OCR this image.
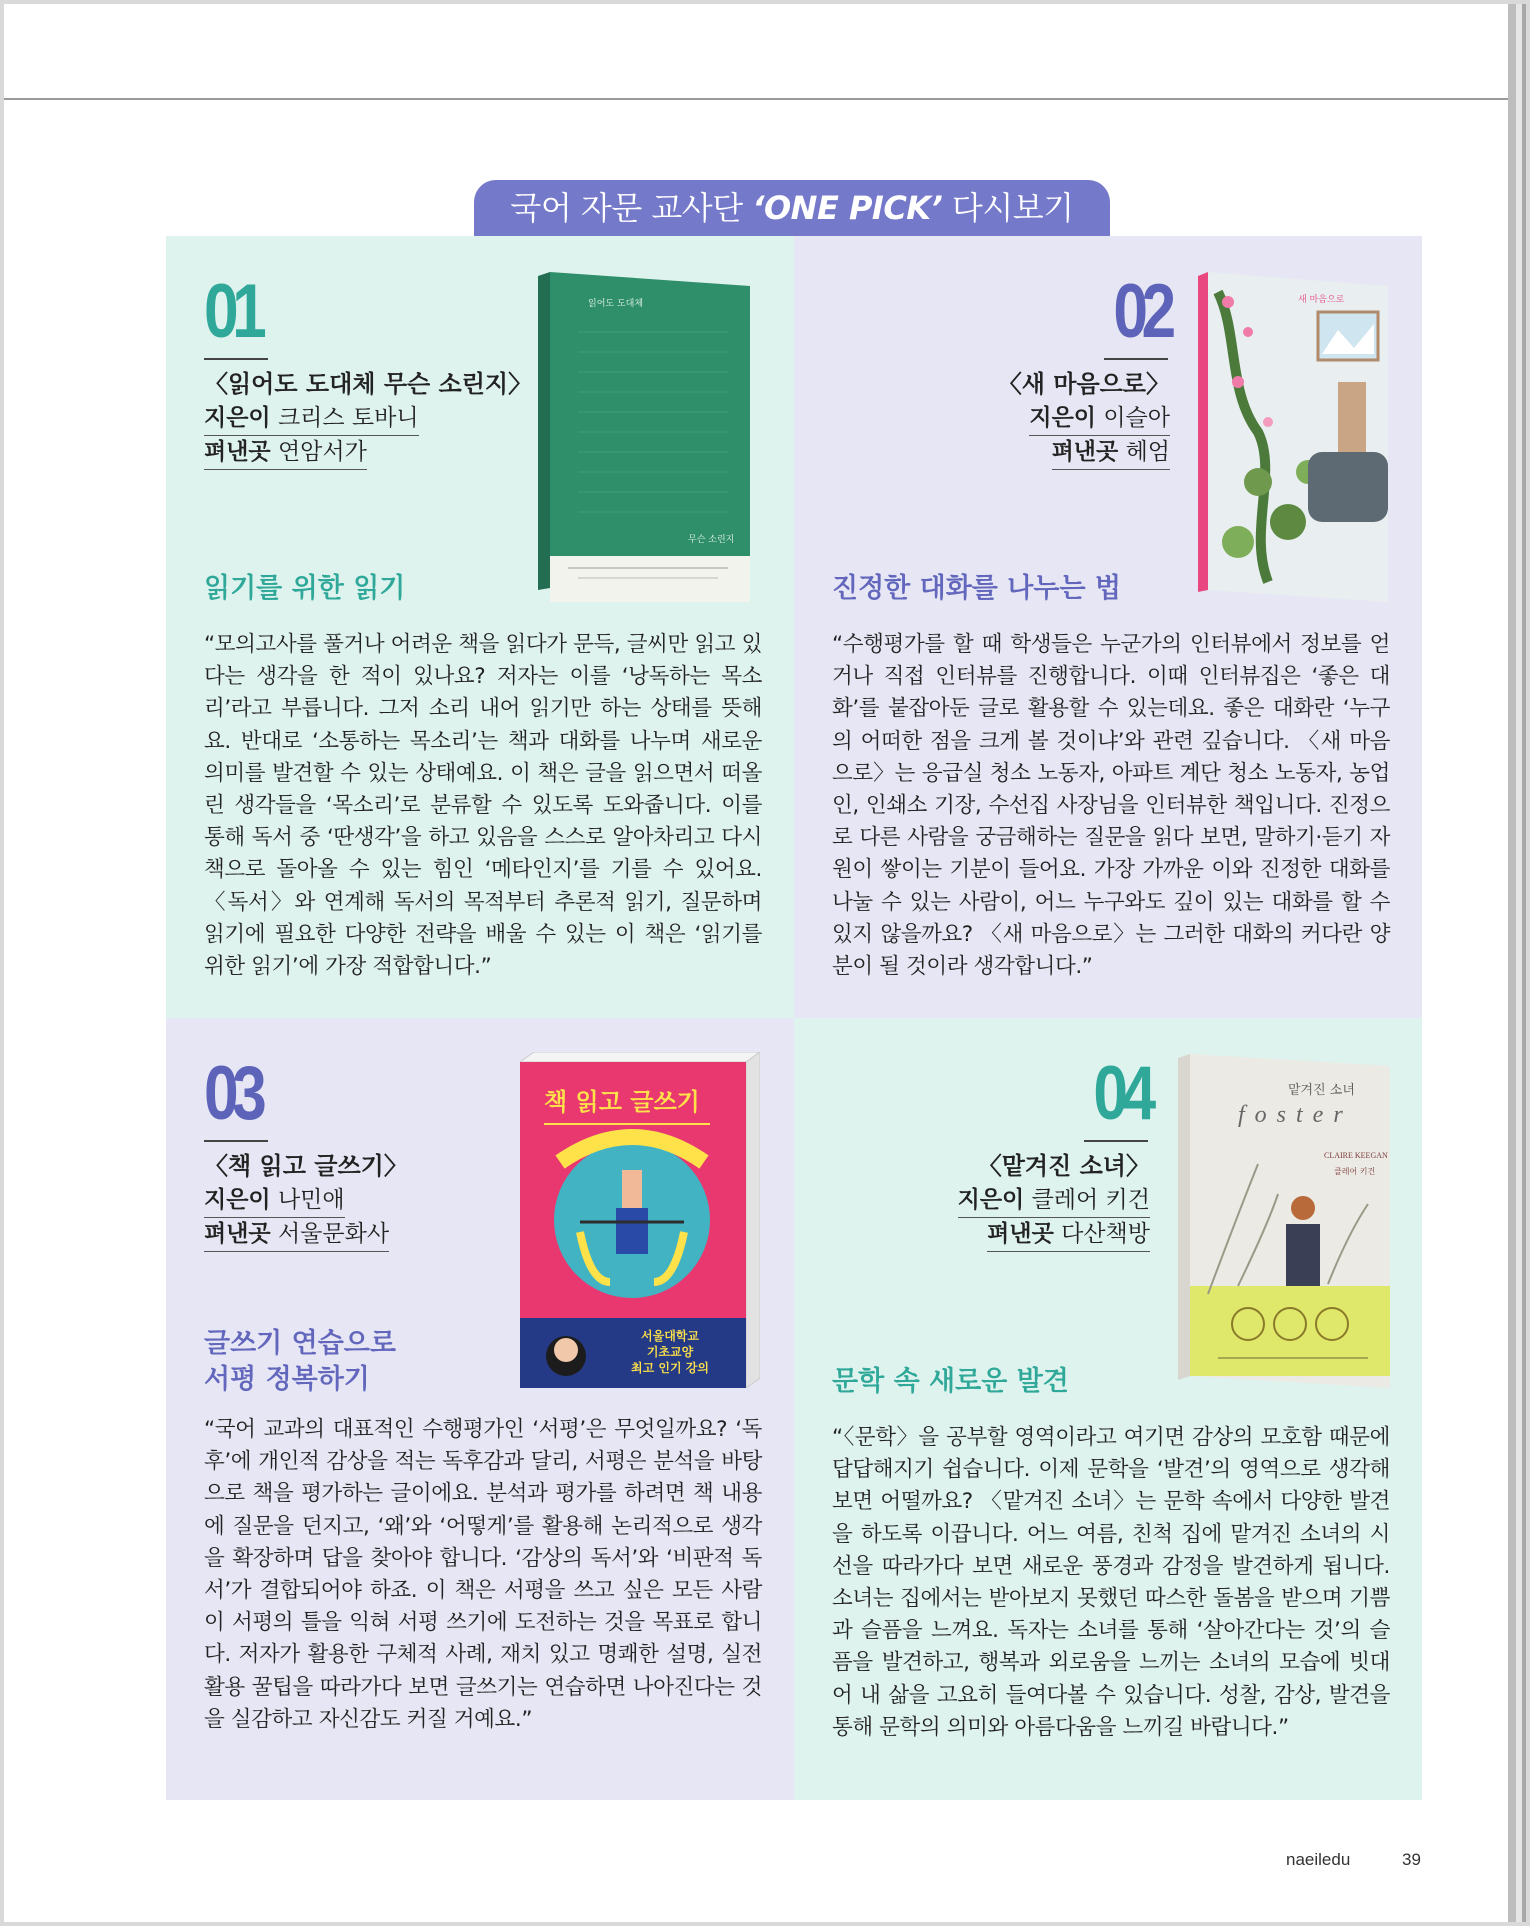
국어 자문 교사단 ‘ONE PICK’ 다시보기
01
〈읽어도 도대체 무슨 소린지〉
지은이 크리스 토바니
펴낸곳 연암서가
읽어도 도대체
무슨 소린지
읽기를 위한 읽기
“모의고사를 풀거나 어려운 책을 읽다가 문득, 글씨만 읽고 있다는 생각을 한 적이 있나요? 저자는 이를 ‘낭독하는 목소리’라고 부릅니다. 그저 소리 내어 읽기만 하는 상태를 뜻해요. 반대로 ‘소통하는 목소리’는 책과 대화를 나누며 새로운 의미를 발견할 수 있는 상태예요. 이 책은 글을 읽으면서 떠올린 생각들을 ‘목소리’로 분류할 수 있도록 도와줍니다. 이를 통해 독서 중 ‘딴생각’을 하고 있음을 스스로 알아차리고 다시 책으로 돌아올 수 있는 힘인 ‘메타인지’를 기를 수 있어요. 〈독서〉와 연계해 독서의 목적부터 추론적 읽기, 질문하며 읽기에 필요한 다양한 전략을 배울 수 있는 이 책은 ‘읽기를 위한 읽기’에 가장 적합합니다.”
02
〈새 마음으로〉
지은이 이슬아
펴낸곳 헤엄
새 마음으로
진정한 대화를 나누는 법
“수행평가를 할 때 학생들은 누군가의 인터뷰에서 정보를 얻거나 직접 인터뷰를 진행합니다. 이때 인터뷰집은 ‘좋은 대화’를 붙잡아둔 글로 활용할 수 있는데요. 좋은 대화란 ‘누구의 어떠한 점을 크게 볼 것이냐’와 관련 깊습니다. 〈새 마음으로〉는 응급실 청소 노동자, 아파트 계단 청소 노동자, 농업인, 인쇄소 기장, 수선집 사장님을 인터뷰한 책입니다. 진정으로 다른 사람을 궁금해하는 질문을 읽다 보면, 말하기·듣기 자원이 쌓이는 기분이 들어요. 가장 가까운 이와 진정한 대화를 나눌 수 있는 사람이, 어느 누구와도 깊이 있는 대화를 할 수 있지 않을까요? 〈새 마음으로〉는 그러한 대화의 커다란 양분이 될 것이라 생각합니다.”
03
〈책 읽고 글쓰기〉
지은이 나민애
펴낸곳 서울문화사
책 읽고 글쓰기
서울대학교
기초교양
최고 인기 강의
글쓰기 연습으로
서평 정복하기
“국어 교과의 대표적인 수행평가인 ‘서평’은 무엇일까요? ‘독후’에 개인적 감상을 적는 독후감과 달리, 서평은 분석을 바탕으로 책을 평가하는 글이에요. 분석과 평가를 하려면 책 내용에 질문을 던지고, ‘왜’와 ‘어떻게’를 활용해 논리적으로 생각을 확장하며 답을 찾아야 합니다. ‘감상의 독서’와 ‘비판적 독서’가 결합되어야 하죠. 이 책은 서평을 쓰고 싶은 모든 사람이 서평의 틀을 익혀 서평 쓰기에 도전하는 것을 목표로 합니다. 저자가 활용한 구체적 사례, 재치 있고 명쾌한 설명, 실전 활용 꿀팁을 따라가다 보면 글쓰기는 연습하면 나아진다는 것을 실감하고 자신감도 커질 거예요.”
04
〈맡겨진 소녀〉
지은이 클레어 키건
펴낸곳 다산책방
맡겨진 소녀
foster
CLAIRE KEEGAN
클레어 키건
문학 속 새로운 발견
“〈문학〉을 공부할 영역이라고 여기면 감상의 모호함 때문에 답답해지기 쉽습니다. 이제 문학을 ‘발견’의 영역으로 생각해보면 어떨까요? 〈맡겨진 소녀〉는 문학 속에서 다양한 발견을 하도록 이끕니다. 어느 여름, 친척 집에 맡겨진 소녀의 시선을 따라가다 보면 새로운 풍경과 감정을 발견하게 됩니다. 소녀는 집에서는 받아보지 못했던 따스한 돌봄을 받으며 기쁨과 슬픔을 느껴요. 독자는 소녀를 통해 ‘살아간다는 것’의 슬픔을 발견하고, 행복과 외로움을 느끼는 소녀의 모습에 빗대어 내 삶을 고요히 들여다볼 수 있습니다. 성찰, 감상, 발견을 통해 문학의 의미와 아름다움을 느끼길 바랍니다.”
naeiledu	39
